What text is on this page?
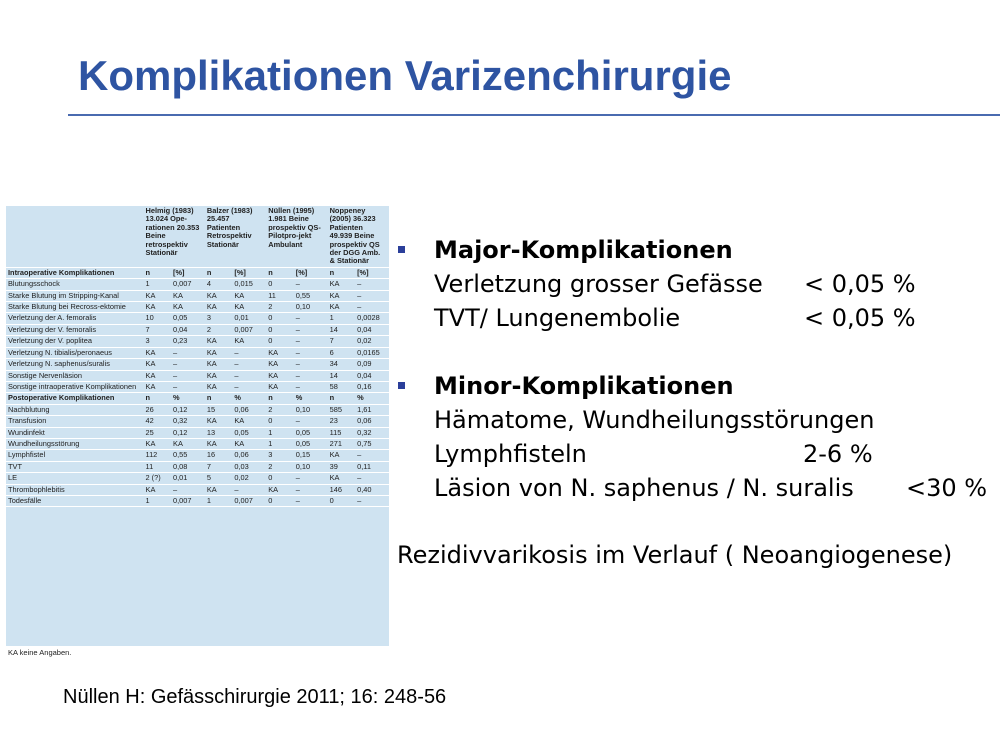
Komplikationen Varizenchirurgie
	Helmig (1983) 13.024 Ope-rationen 20.353 Beine retrospektiv Stationär		Balzer (1983) 25.457 Patienten Retrospektiv Stationär		Nüllen (1995) 1.981 Beine prospektiv QS-Pilotpro-jekt Ambulant		Noppeney (2005) 36.323 Patienten 49.939 Beine prospektiv QS der DGG Amb. & Stationär	
Intraoperative Komplikationen	n	[%]	n	[%]	n	[%]	n	[%]
Blutungsschock	1	0,007	4	0,015	0	–	KA	–
Starke Blutung im Stripping-Kanal	KA	KA	KA	KA	11	0,55	KA	–
Starke Blutung bei Recross-ektomie	KA	KA	KA	KA	2	0,10	KA	–
Verletzung der A. femoralis	10	0,05	3	0,01	0	–	1	0,0028
Verletzung der V. femoralis	7	0,04	2	0,007	0	–	14	0,04
Verletzung der V. poplitea	3	0,23	KA	KA	0	–	7	0,02
Verletzung N. tibialis/peronaeus	KA	–	KA	–	KA	–	6	0,0165
Verletzung N. saphenus/suralis	KA	–	KA	–	KA	–	34	0,09
Sonstige Nervenläsion	KA	–	KA	–	KA	–	14	0,04
Sonstige intraoperative Komplikationen	KA	–	KA	–	KA	–	58	0,16
Postoperative Komplikationen	n	%	n	%	n	%	n	%
Nachblutung	26	0,12	15	0,06	2	0,10	585	1,61
Transfusion	42	0,32	KA	KA	0	–	23	0,06
Wundinfekt	25	0,12	13	0,05	1	0,05	115	0,32
Wundheilungsstörung	KA	KA	KA	KA	1	0,05	271	0,75
Lymphfistel	112	0,55	16	0,06	3	0,15	KA	–
TVT	11	0,08	7	0,03	2	0,10	39	0,11
LE	2 (?)	0,01	5	0,02	0	–	KA	–
Thrombophlebitis	KA	–	KA	–	KA	–	146	0,40
Todesfälle	1	0,007	1	0,007	0	–	0	–
KA keine Angaben.
Major-Komplikationen
Verletzung grosser Gefässe < 0,05 %
TVT/ Lungenembolie	< 0,05 %
Minor-Komplikationen
Hämatome, Wundheilungsstörungen
Lymphfisteln	2-6 %
Läsion von N. saphenus / N. suralis <30 %
Rezidivvarikosis im Verlauf ( Neoangiogenese)
Nüllen H: Gefässchirurgie 2011; 16: 248-56
